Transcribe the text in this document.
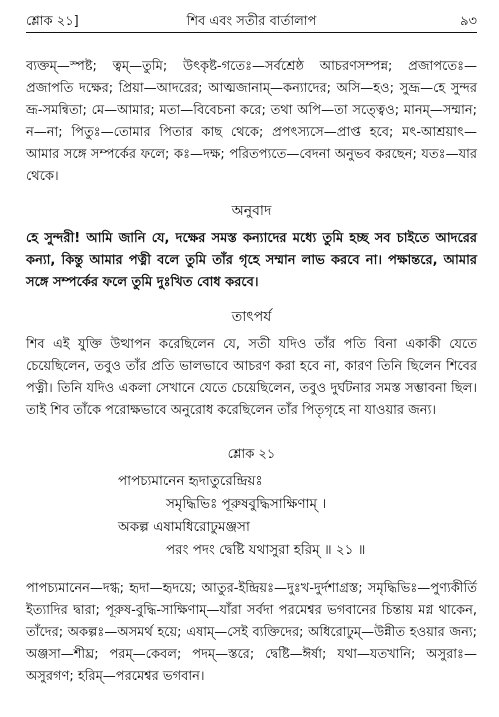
শ্লোক ২১]	শিব এবং সতীর বার্তালাপ	৯৩

ব্যক্তম্—স্পষ্ট; ত্বম্—তুমি; উৎকৃষ্ট-গতেঃ—সর্বশ্রেষ্ঠ আচরণসম্পন্ন; প্রজাপতেঃ—প্রজাপতি দক্ষের; প্রিয়া—আদরের; আত্মজানাম্—কন্যাদের; অসি—হও; সুভ্রূ—হে সুন্দর ভ্রূ-সমন্বিতা; মে—আমার; মতা—বিবেচনা করে; তথা অপি—তা সত্ত্বেও; মানম্—সম্মান; ন—না; পিতুঃ—তোমার পিতার কাছ থেকে; প্রপৎস্যসে—প্রাপ্ত হবে; মৎ-আশ্রয়াৎ—আমার সঙ্গে সম্পর্কের ফলে; কঃ—দক্ষ; পরিতপ্যতে—বেদনা অনুভব করছেন; যতঃ—যার থেকে।

অনুবাদ

হে সুন্দরী! আমি জানি যে, দক্ষের সমস্ত কন্যাদের মধ্যে তুমি হচ্ছ সব চাইতে আদরের কন্যা, কিন্তু আমার পত্নী বলে তুমি তাঁর গৃহে সম্মান লাভ করবে না। পক্ষান্তরে, আমার সঙ্গে সম্পর্কের ফলে তুমি দুঃখিত বোধ করবে।

তাৎপর্য

শিব এই যুক্তি উত্থাপন করেছিলেন যে, সতী যদিও তাঁর পতি বিনা একাকী যেতে চেয়েছিলেন, তবুও তাঁর প্রতি ভালভাবে আচরণ করা হবে না, কারণ তিনি ছিলেন শিবের পত্নী। তিনি যদিও একলা সেখানে যেতে চেয়েছিলেন, তবুও দুর্ঘটনার সমস্ত সম্ভাবনা ছিল। তাই শিব তাঁকে পরোক্ষভাবে অনুরোধ করেছিলেন তাঁর পিতৃগৃহে না যাওয়ার জন্য।

শ্লোক ২১
পাপচ্যমানেন হৃদাতুরেন্দ্রিয়ঃ
সমৃদ্ধিভিঃ পূরুষবুদ্ধিসাক্ষিণাম্ ।
অকল্প এষামধিরোঢুমঞ্জসা
পরং পদং দ্বেষ্টি যথাসুরা হরিম্ ॥ ২১ ॥

পাপচ্যমানেন—দগ্ধ; হৃদা—হৃদয়ে; আতুর-ইন্দ্রিয়ঃ—দুঃখ-দুর্দশাগ্রস্ত; সমৃদ্ধিভিঃ—পুণ্যকীর্তি ইত্যাদির দ্বারা; পূরুষ-বুদ্ধি-সাক্ষিণাম্—যাঁরা সর্বদা পরমেশ্বর ভগবানের চিন্তায় মগ্ন থাকেন, তাঁদের; অকল্পঃ—অসমর্থ হয়ে; এষাম্—সেই ব্যক্তিদের; অধিরোঢুম্—উন্নীত হওয়ার জন্য; অঞ্জসা—শীঘ্র; পরম্—কেবল; পদম্—স্তরে; দ্বেষ্টি—ঈর্ষা; যথা—যতখানি; অসুরাঃ—অসুরগণ; হরিম্—পরমেশ্বর ভগবান।
